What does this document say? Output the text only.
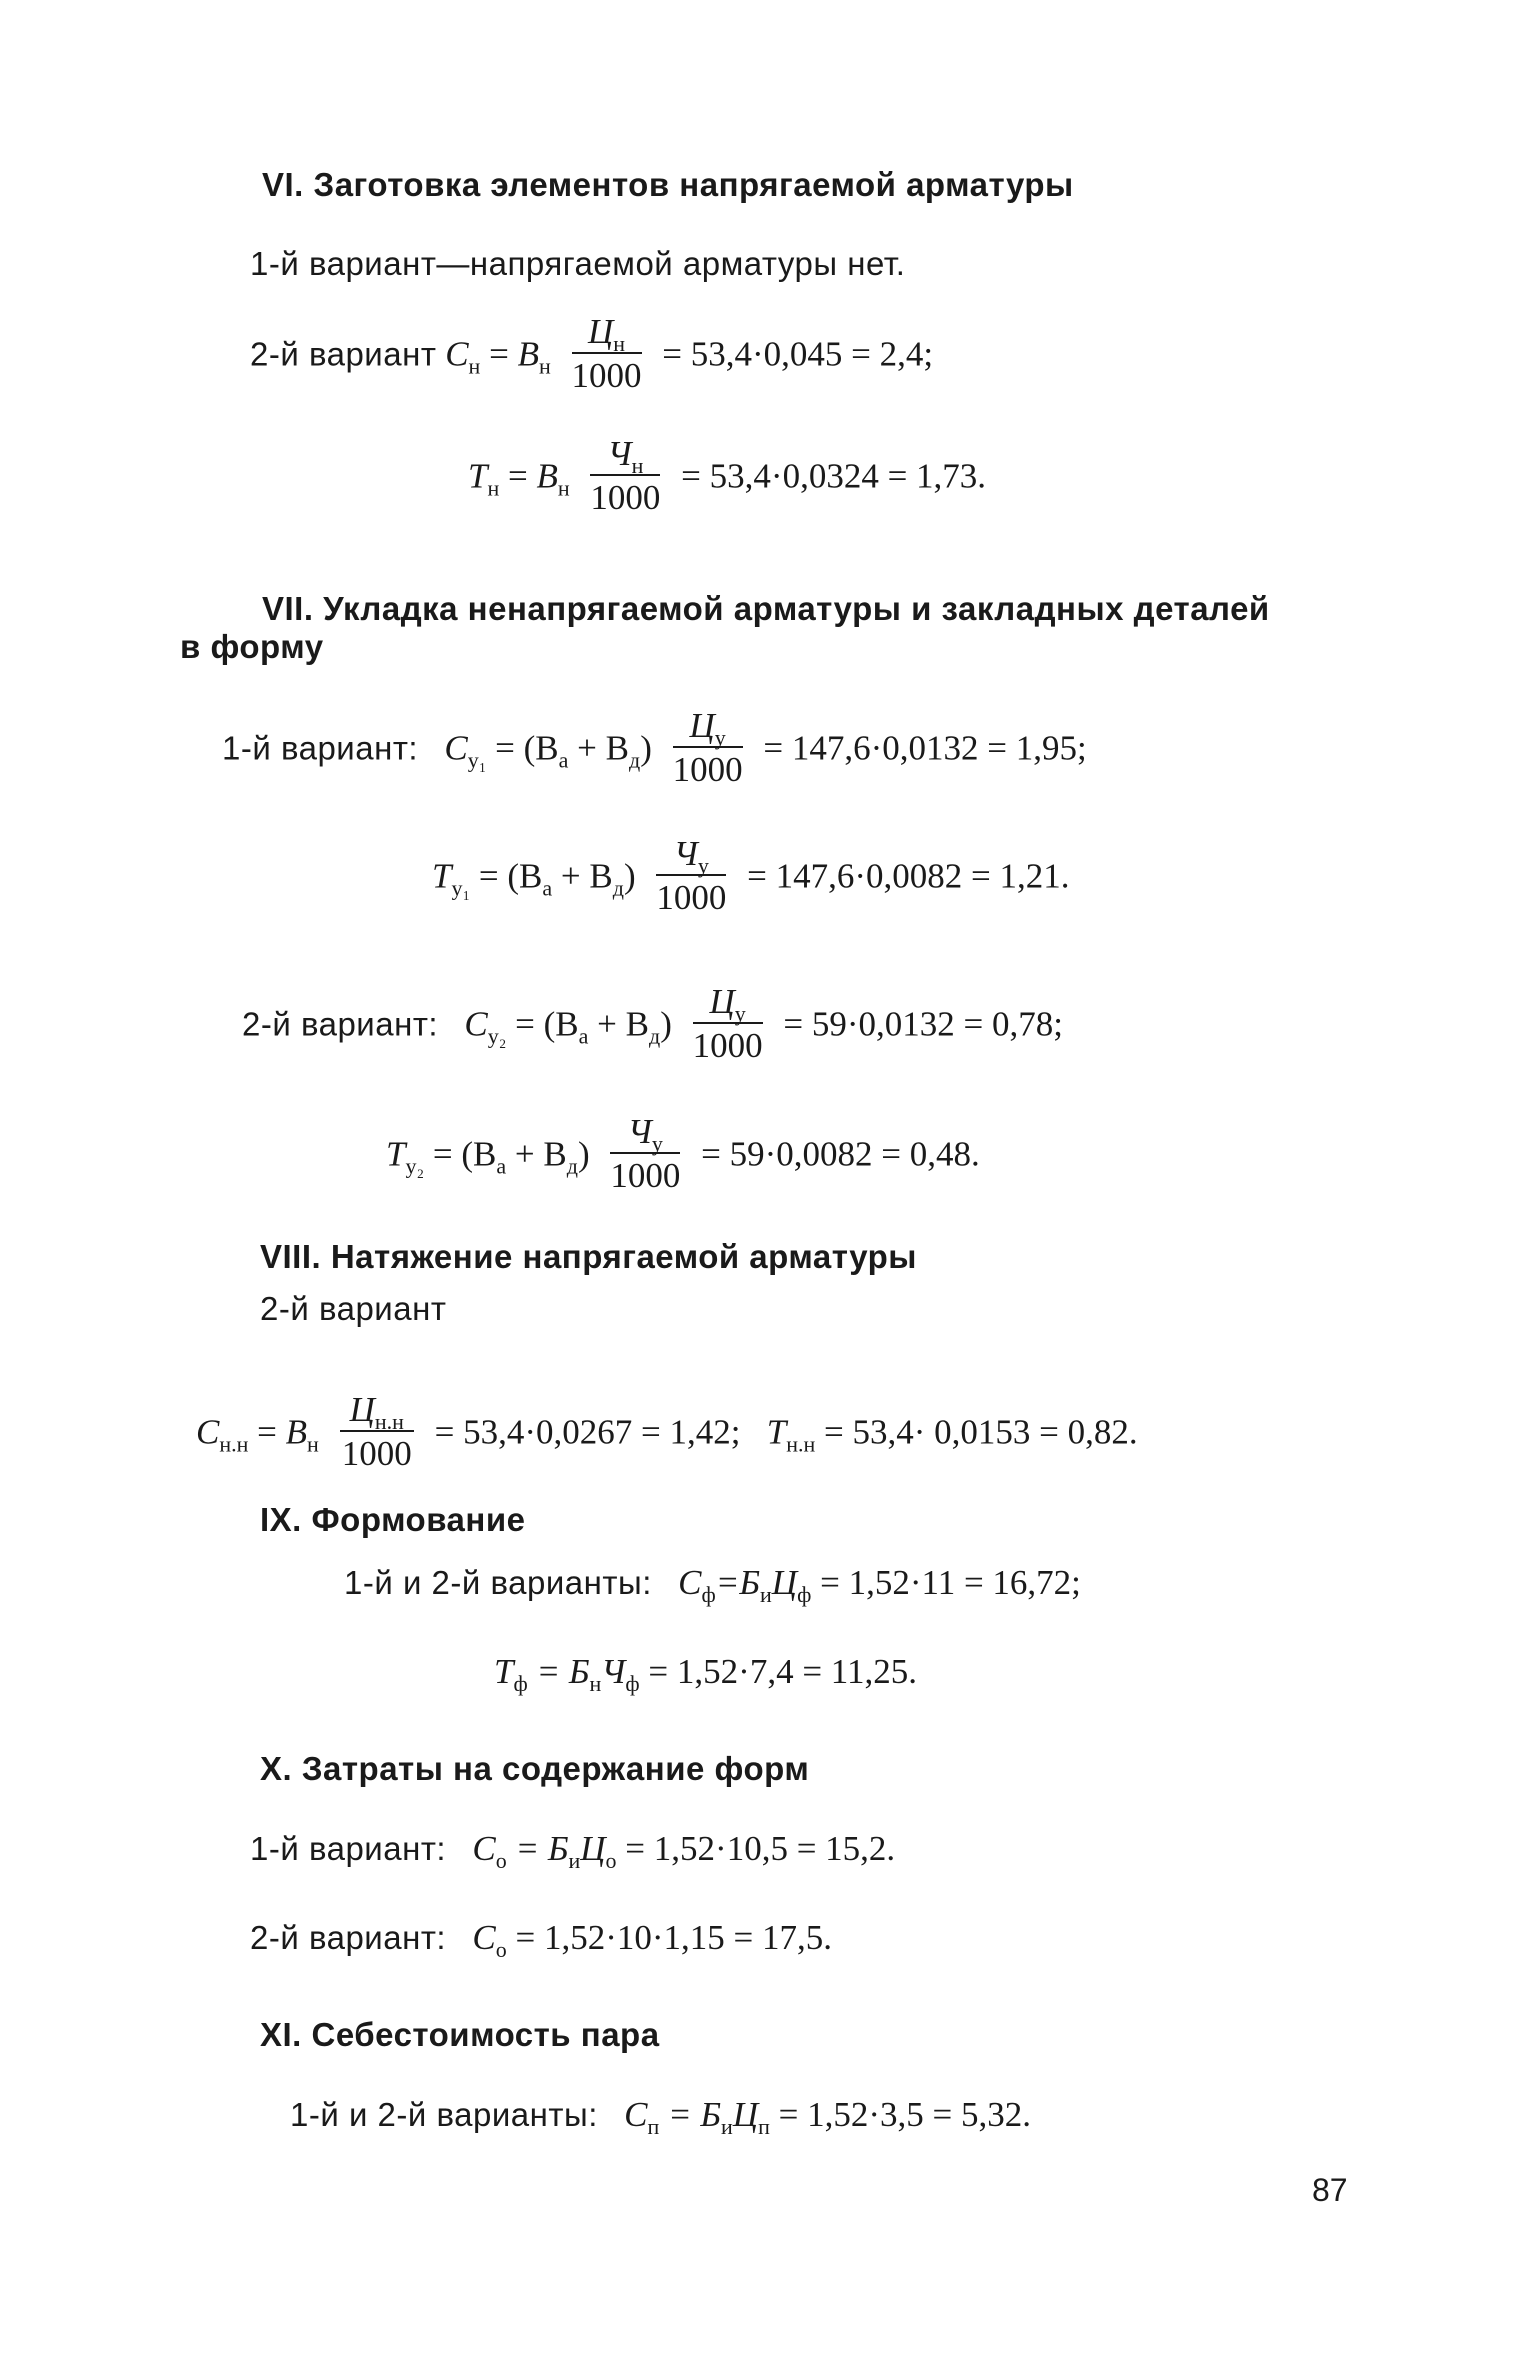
VI. Заготовка элементов напрягаемой арматуры
1-й вариант—напрягаемой арматуры нет.
2-й вариант $C_н = B_н \frac{Ц_н}{1000} = 53,4\cdot 0,045 = 2,4$;
$T_н = B_н \frac{Ч_н}{1000} = 53,4\cdot 0,0324 = 1,73$.
VII. Укладка ненапрягаемой арматуры и закладных деталей
в форму
1-й вариант: $C_{у_1} = (B_а + B_д) \frac{Ц_у}{1000} = 147,6\cdot 0,0132 = 1,95$;
$T_{у_1} = (B_а + B_д) \frac{Ч_у}{1000} = 147,6\cdot 0,0082 = 1,21$.
2-й вариант: $C_{у_2} = (B_а + B_д) \frac{Ц_у}{1000} = 59\cdot 0,0132 = 0,78$;
$T_{у_2} = (B_а + B_д) \frac{Ч_у}{1000} = 59\cdot 0,0082 = 0,48$.
VIII. Натяжение напрягаемой арматуры
2-й вариант
$C_{н.н} = B_н \frac{Ц_{н.н}}{1000} = 53,4\cdot 0,0267 = 1,42$; $T_{н.н} = 53,4\cdot 0,0153 = 0,82$.
IX. Формование
1-й и 2-й варианты: $C_ф=Б_иЦ_ф = 1,52\cdot 11 = 16,72$;
$T_ф = Б_нЧ_ф = 1,52\cdot 7,4 = 11,25$.
X. Затраты на содержание форм
1-й вариант: $C_o = Б_иЦ_o = 1,52\cdot 10,5 = 15,2$.
2-й вариант: $C_o = 1,52\cdot 10\cdot 1,15 = 17,5$.
XI. Себестоимость пара
1-й и 2-й варианты: $C_п = Б_иЦ_п = 1,52\cdot 3,5 = 5,32$.
87
